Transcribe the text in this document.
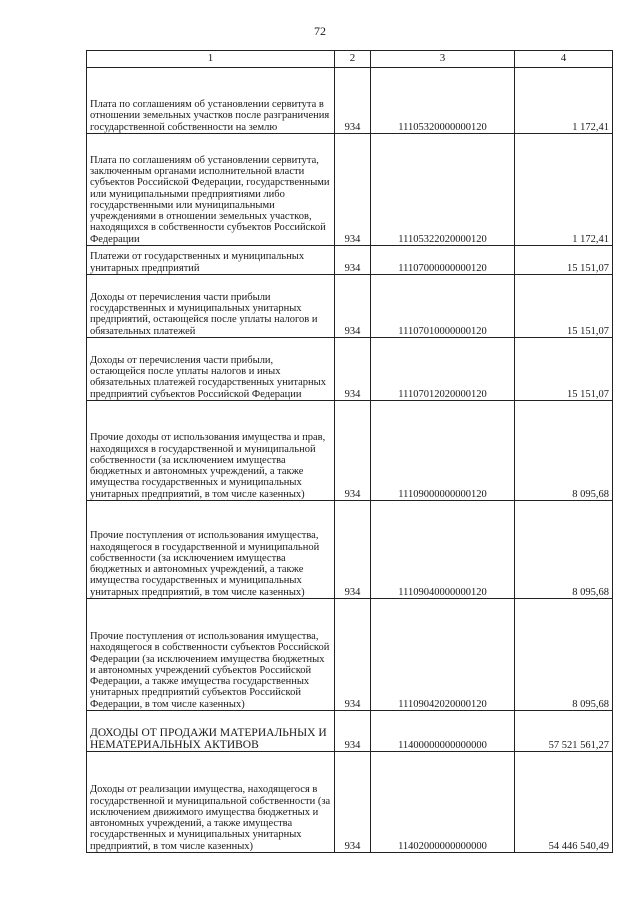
72
1	2	3	4
Плата по соглашениям об установлении сервитута в отношении земельных участков после разграничения государственной собственности на землю	934	11105320000000120	1 172,41
Плата по соглашениям об установлении сервитута, заключенным органами исполнительной власти субъектов Российской Федерации, государственными или муниципальными предприятиями либо государственными или муниципальными учреждениями в отношении земельных участков, находящихся в собственности субъектов Российской Федерации	934	11105322020000120	1 172,41
Платежи от государственных и муниципальных унитарных предприятий	934	11107000000000120	15 151,07
Доходы от перечисления части прибыли государственных и муниципальных унитарных предприятий, остающейся после уплаты налогов и обязательных платежей	934	11107010000000120	15 151,07
Доходы от перечисления части прибыли, остающейся после уплаты налогов и иных обязательных платежей государственных унитарных предприятий субъектов Российской Федерации	934	11107012020000120	15 151,07
Прочие доходы от использования имущества и прав, находящихся в государственной и муниципальной собственности (за исключением имущества бюджетных и автономных учреждений, а также имущества государственных и муниципальных унитарных предприятий, в том числе казенных)	934	11109000000000120	8 095,68
Прочие поступления от использования имущества, находящегося в государственной и муниципальной собственности (за исключением имущества бюджетных и автономных учреждений, а также имущества государственных и муниципальных унитарных предприятий, в том числе казенных)	934	11109040000000120	8 095,68
Прочие поступления от использования имущества, находящегося в собственности субъектов Российской Федерации (за исключением имущества бюджетных и автономных учреждений субъектов Российской Федерации, а также имущества государственных унитарных предприятий субъектов Российской Федерации, в том числе казенных)	934	11109042020000120	8 095,68
ДОХОДЫ ОТ ПРОДАЖИ МАТЕРИАЛЬНЫХ И НЕМАТЕРИАЛЬНЫХ АКТИВОВ	934	11400000000000000	57 521 561,27
Доходы от реализации имущества, находящегося в государственной и муниципальной собственности (за исключением движимого имущества бюджетных и автономных учреждений, а также имущества государственных и муниципальных унитарных предприятий, в том числе казенных)	934	11402000000000000	54 446 540,49
